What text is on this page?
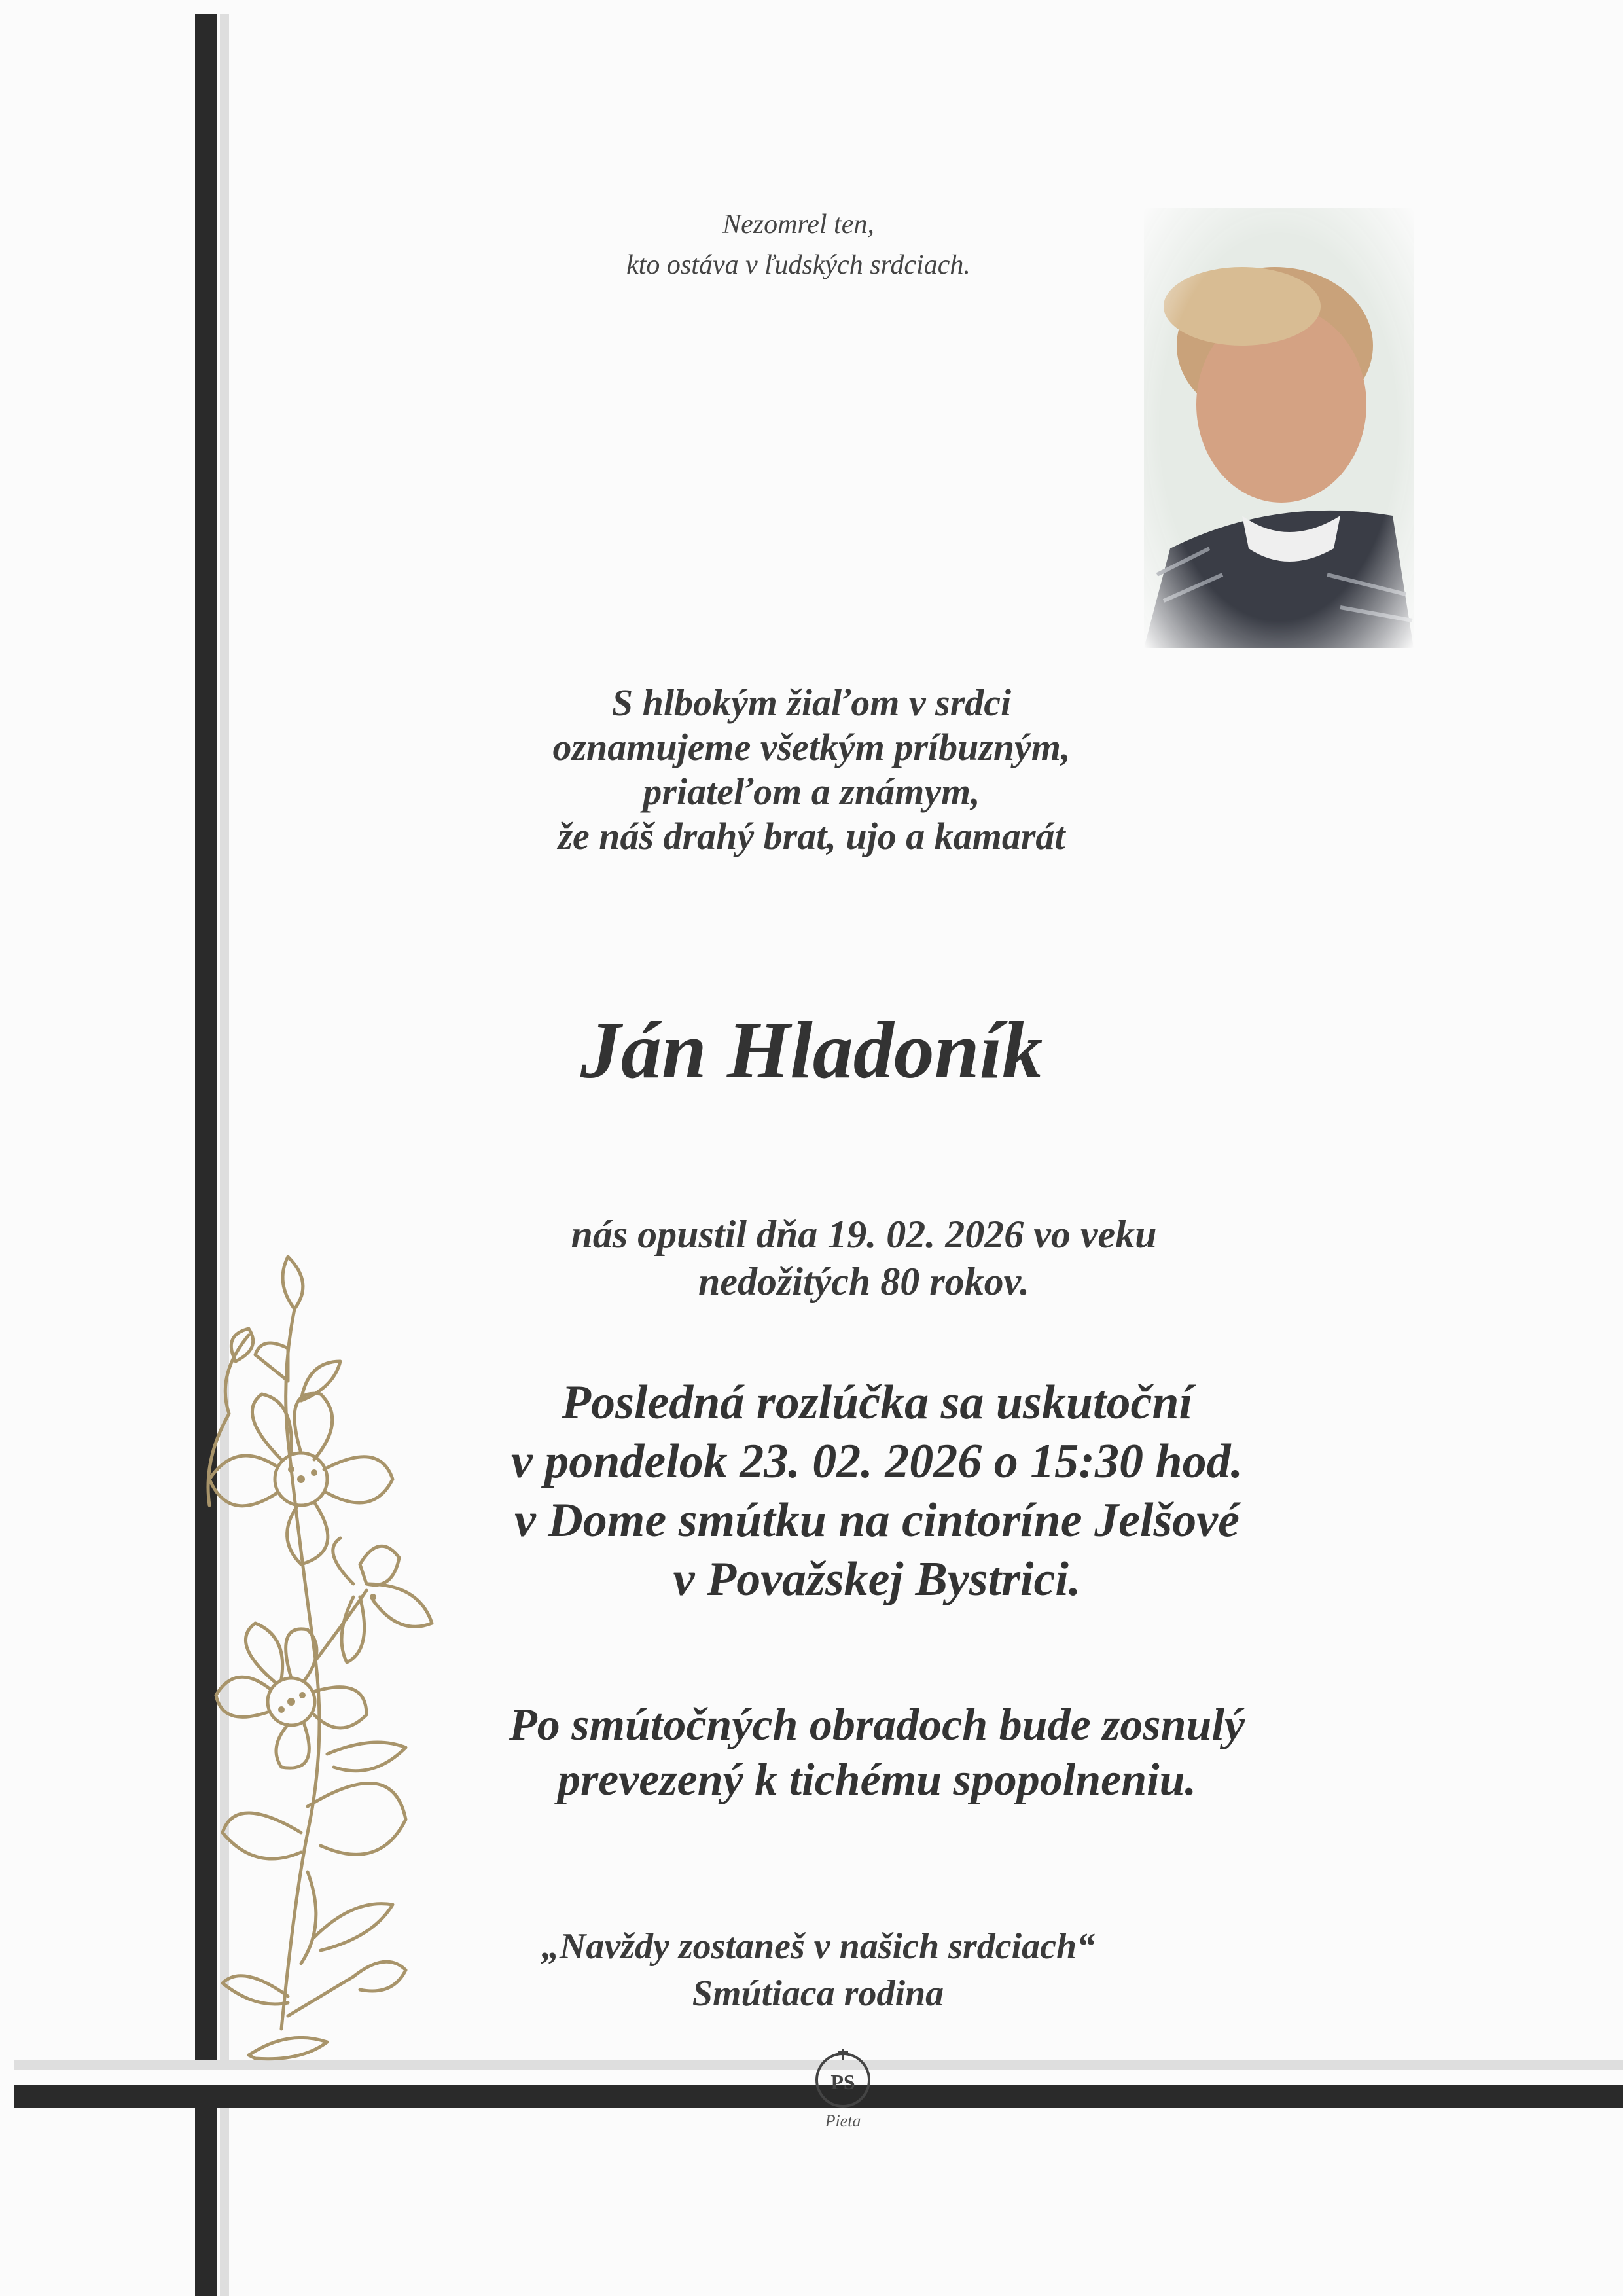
Nezomrel ten,
kto ostáva v ľudských srdciach.
S hlbokým žiaľom v srdci
oznamujeme všetkým príbuzným,
priateľom a známym,
že náš drahý brat, ujo a kamarát
Ján Hladoník
nás opustil dňa 19. 02. 2026 vo veku
nedožitých 80 rokov.
Posledná rozlúčka sa uskutoční
v pondelok 23. 02. 2026 o 15:30 hod.
v Dome smútku na cintoríne Jelšové
v Považskej Bystrici.
Po smútočných obradoch bude zosnulý
prevezený k tichému spopolneniu.
„Navždy zostaneš v našich srdciach“
Smútiaca rodina
PS
Pieta
